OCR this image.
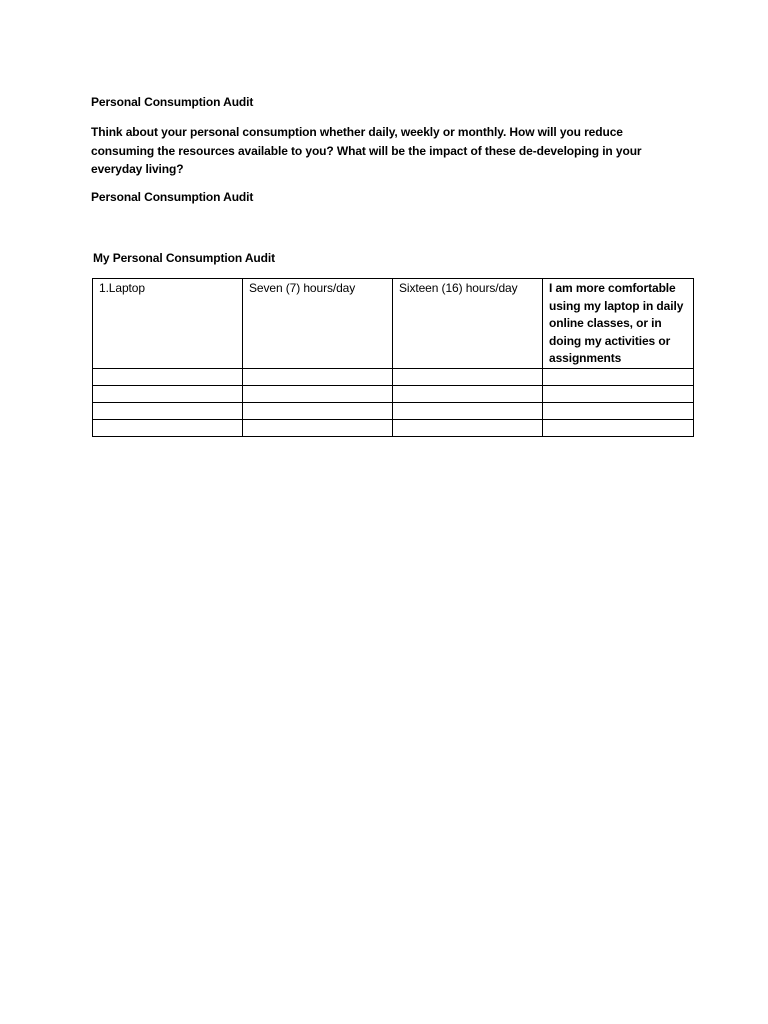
Personal Consumption Audit
Think about your personal consumption whether daily, weekly or monthly. How will you reduce consuming the resources available to you? What will be the impact of these de-developing in your everyday living?
Personal Consumption Audit
My Personal Consumption Audit
1.Laptop	Seven (7) hours/day	Sixteen (16) hours/day	I am more comfortable using my laptop in daily online classes, or in doing my activities or assignments
